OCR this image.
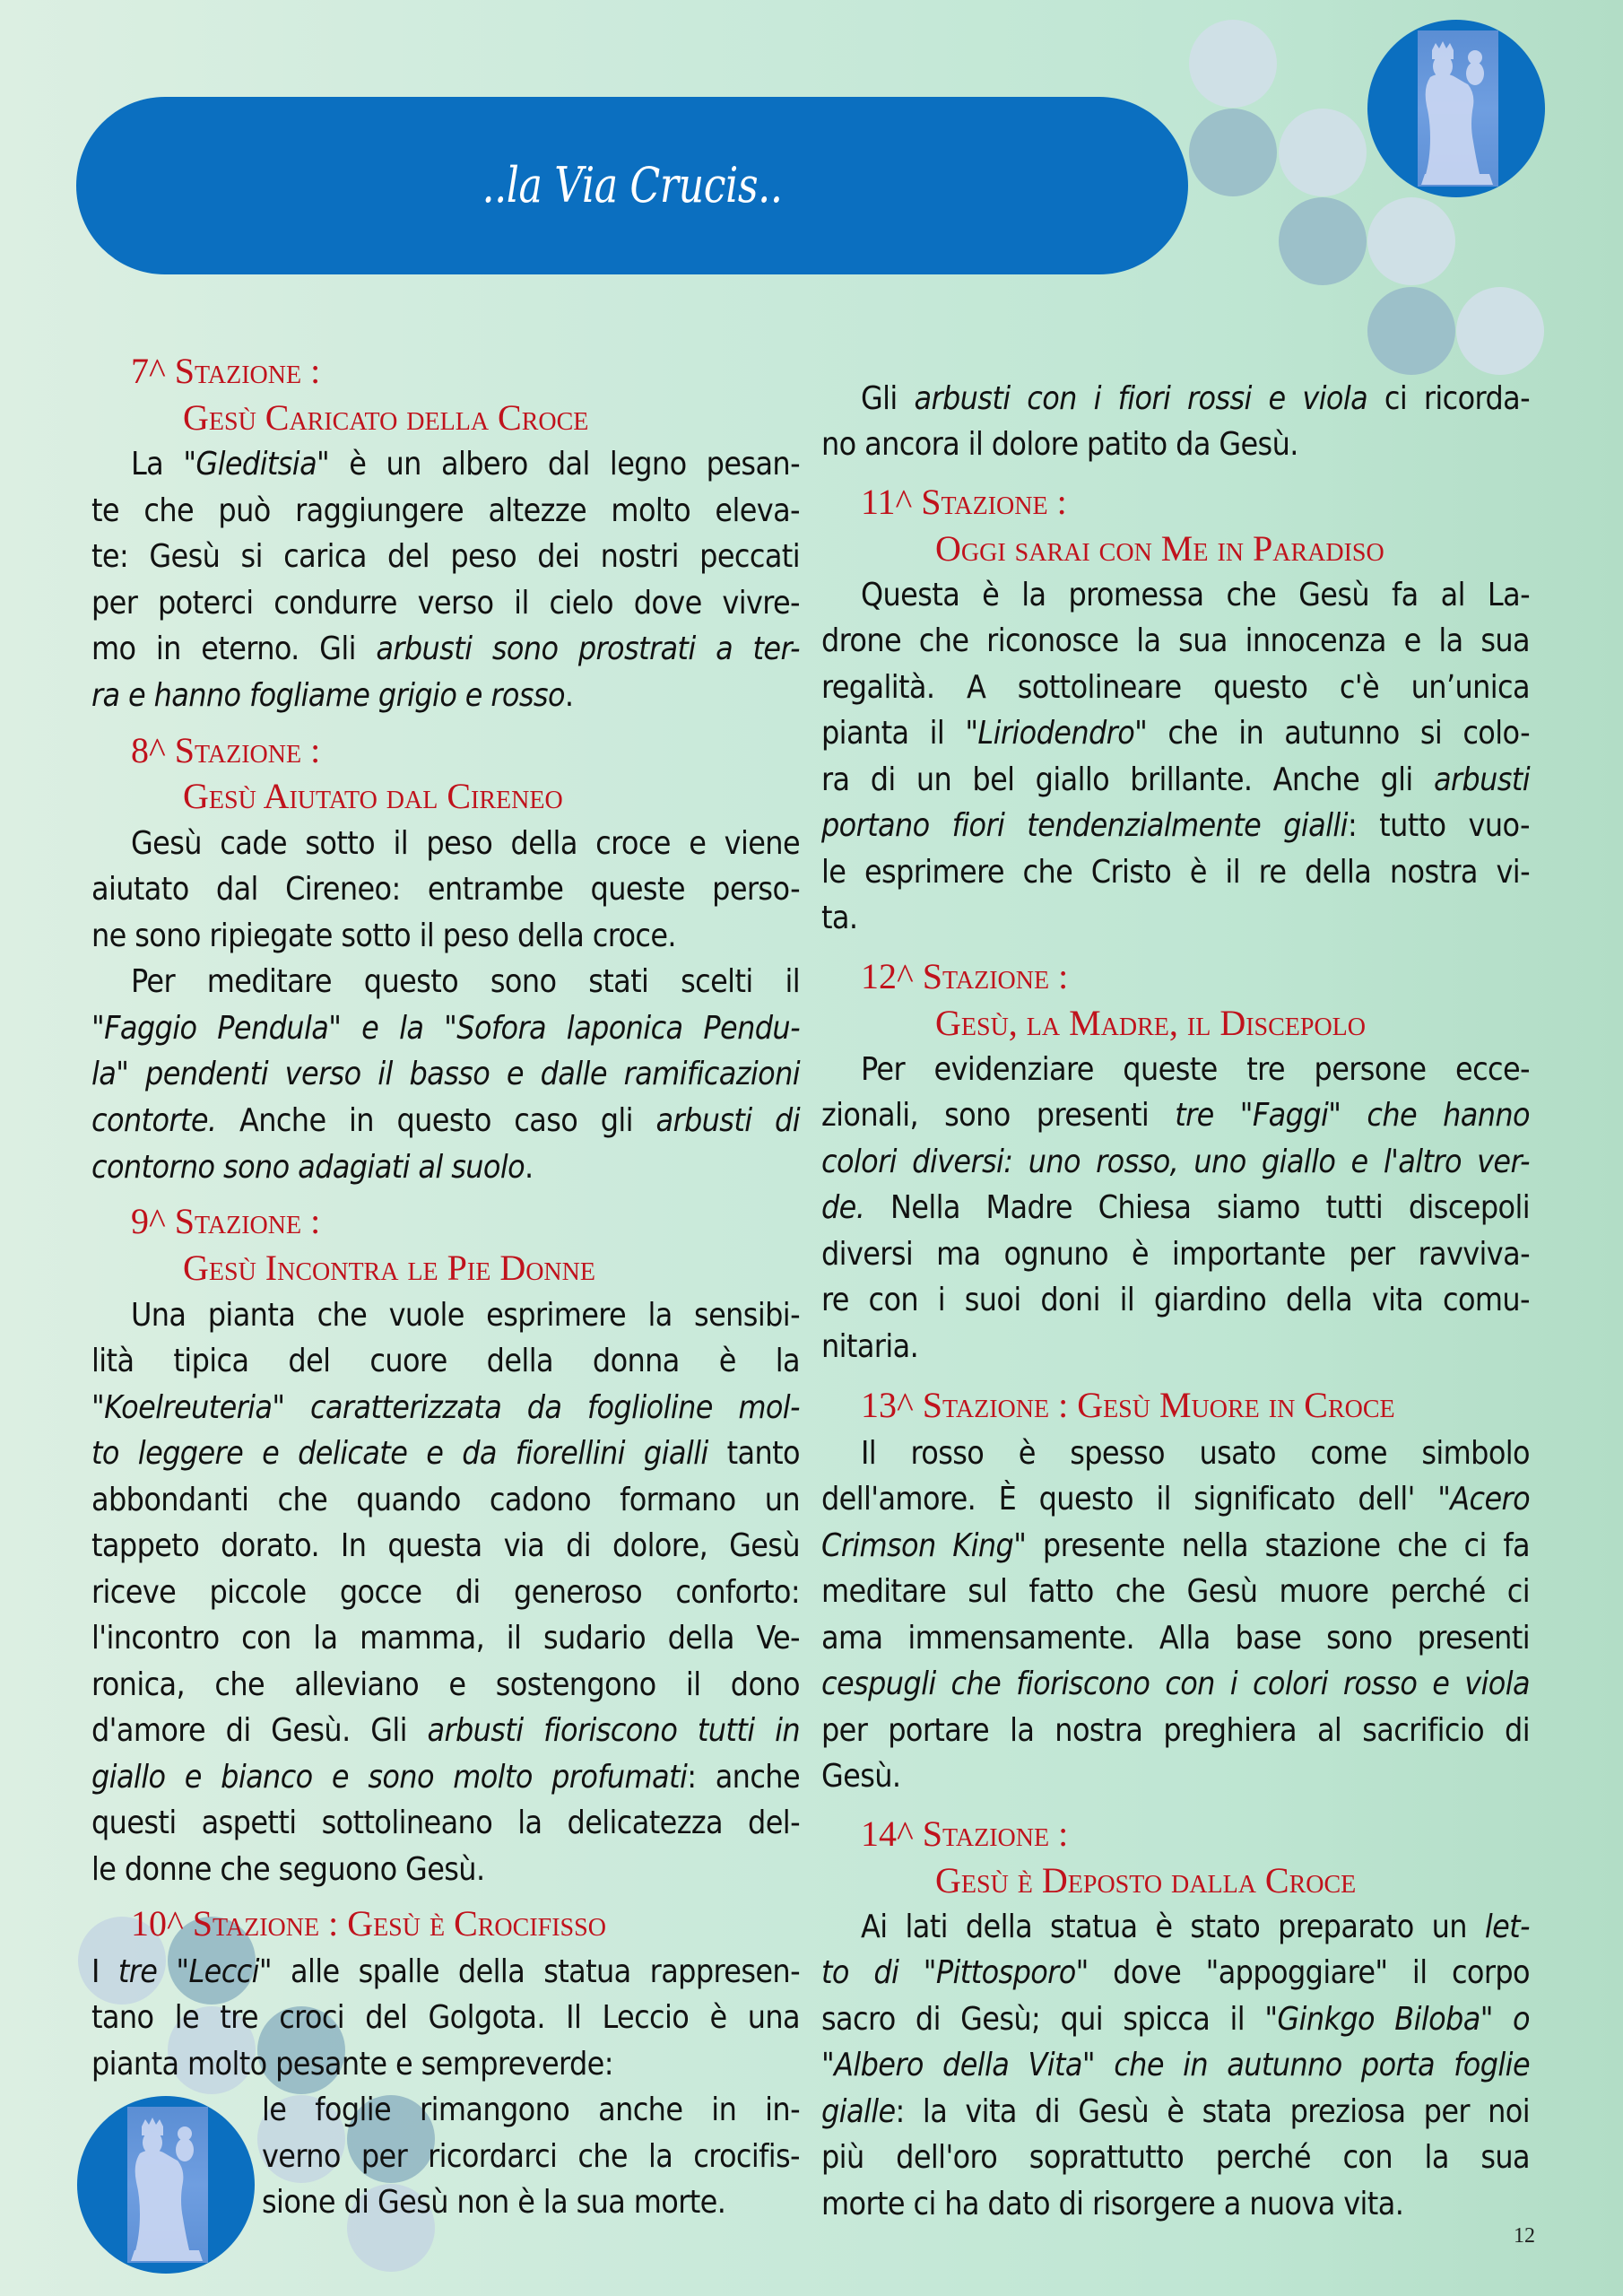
..la Via Crucis..
7^ Stazione :
Gesù Caricato della Croce
La "Gleditsia" è un albero dal legno pesan-
te che può raggiungere altezze molto eleva-
te: Gesù si carica del peso dei nostri peccati
per poterci condurre verso il cielo dove vivre-
mo in eterno. Gli arbusti sono prostrati a ter-
ra e hanno fogliame grigio e rosso.
8^ Stazione :
Gesù Aiutato dal Cireneo
Gesù cade sotto il peso della croce e viene
aiutato dal Cireneo: entrambe queste perso-
ne sono ripiegate sotto il peso della croce.
Per meditare questo sono stati scelti il
"Faggio Pendula" e la "Sofora laponica Pendu-
la" pendenti verso il basso e dalle ramificazioni
contorte. Anche in questo caso gli arbusti di
contorno sono adagiati al suolo.
9^ Stazione :
Gesù Incontra le Pie Donne
Una pianta che vuole esprimere la sensibi-
lità tipica del cuore della donna è la
"Koelreuteria" caratterizzata da foglioline mol-
to leggere e delicate e da fiorellini gialli tanto
abbondanti che quando cadono formano un
tappeto dorato. In questa via di dolore, Gesù
riceve piccole gocce di generoso conforto:
l'incontro con la mamma, il sudario della Ve-
ronica, che alleviano e sostengono il dono
d'amore di Gesù. Gli arbusti fioriscono tutti in
giallo e bianco e sono molto profumati: anche
questi aspetti sottolineano la delicatezza del-
le donne che seguono Gesù.
10^ Stazione : Gesù è Crocifisso
I tre "Lecci" alle spalle della statua rappresen-
tano le tre croci del Golgota. Il Leccio è una
pianta molto pesante e sempreverde:
le foglie rimangono anche in in-
verno per ricordarci che la crocifis-
sione di Gesù non è la sua morte.
Gli arbusti con i fiori rossi e viola ci ricorda-
no ancora il dolore patito da Gesù.
11^ Stazione :
Oggi sarai con Me in Paradiso
Questa è la promessa che Gesù fa al La-
drone che riconosce la sua innocenza e la sua
regalità. A sottolineare questo c'è un’unica
pianta il "Liriodendro" che in autunno si colo-
ra di un bel giallo brillante. Anche gli arbusti
portano fiori tendenzialmente gialli: tutto vuo-
le esprimere che Cristo è il re della nostra vi-
ta.
12^ Stazione :
Gesù, la Madre, il Discepolo
Per evidenziare queste tre persone ecce-
zionali, sono presenti tre "Faggi" che hanno
colori diversi: uno rosso, uno giallo e l'altro ver-
de. Nella Madre Chiesa siamo tutti discepoli
diversi ma ognuno è importante per ravviva-
re con i suoi doni il giardino della vita comu-
nitaria.
13^ Stazione : Gesù Muore in Croce
Il rosso è spesso usato come simbolo
dell'amore. È questo il significato dell' "Acero
Crimson King" presente nella stazione che ci fa
meditare sul fatto che Gesù muore perché ci
ama immensamente. Alla base sono presenti
cespugli che fioriscono con i colori rosso e viola
per portare la nostra preghiera al sacrificio di
Gesù.
14^ Stazione :
Gesù è Deposto dalla Croce
Ai lati della statua è stato preparato un let-
to di "Pittosporo" dove "appoggiare" il corpo
sacro di Gesù; qui spicca il "Ginkgo Biloba" o
"Albero della Vita" che in autunno porta foglie
gialle: la vita di Gesù è stata preziosa per noi
più dell'oro soprattutto perché con la sua
morte ci ha dato di risorgere a nuova vita.
12
